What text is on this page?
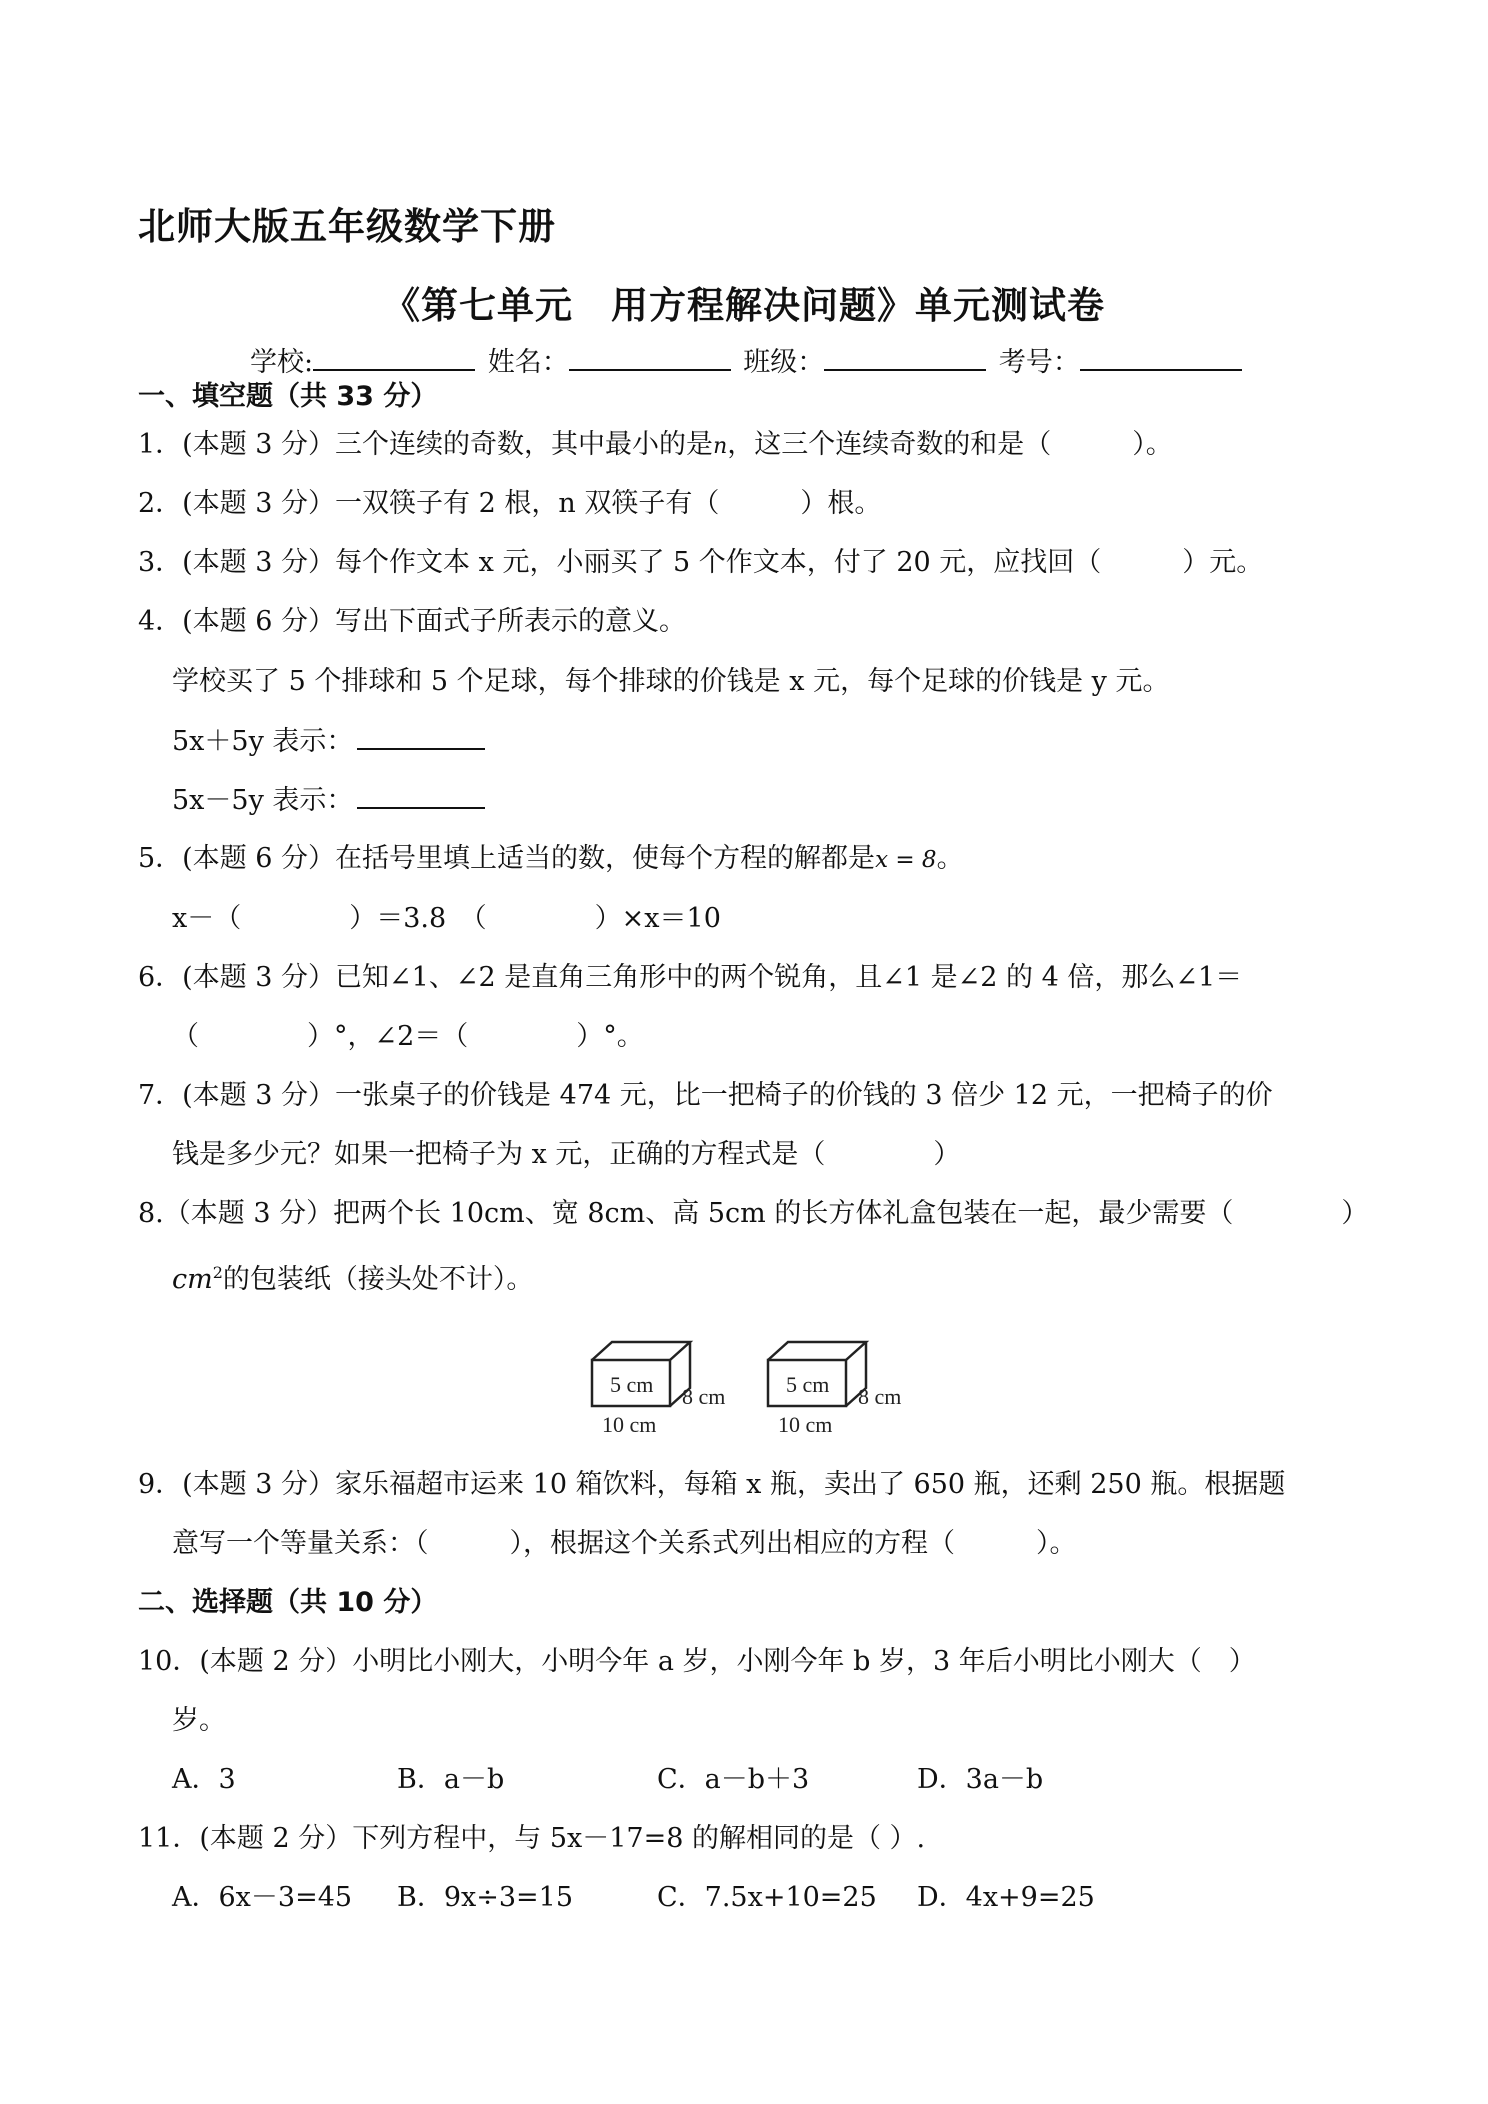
北师大版五年级数学下册
《第七单元　用方程解决问题》单元测试卷
学校:	姓名：	班级：	考号：
一、填空题（共 33 分）
1．(本题 3 分）三个连续的奇数，其中最小的是n，这三个连续奇数的和是（　　　）。
2．(本题 3 分）一双筷子有 2 根，n 双筷子有（　　　）根。
3．(本题 3 分）每个作文本 x 元，小丽买了 5 个作文本，付了 20 元，应找回（　　　）元。
4．(本题 6 分）写出下面式子所表示的意义。
学校买了 5 个排球和 5 个足球，每个排球的价钱是 x 元，每个足球的价钱是 y 元。
5x＋5y 表示：
5x－5y 表示：
5．(本题 6 分）在括号里填上适当的数，使每个方程的解都是x = 8。
x－（　　　　）＝3.8　（　　　　）×x＝10
6．(本题 3 分）已知∠1、∠2 是直角三角形中的两个锐角，且∠1 是∠2 的 4 倍，那么∠1＝
（　　　　）°，∠2＝（　　　　）°。
7．(本题 3 分）一张桌子的价钱是 474 元，比一把椅子的价钱的 3 倍少 12 元，一把椅子的价
钱是多少元？如果一把椅子为 x 元，正确的方程式是（　　　　）
8.（本题 3 分）把两个长 10cm、宽 8cm、高 5cm 的长方体礼盒包装在一起，最少需要（　　　　）
$cm^2$的包装纸（接头处不计）。
5 cm 8 cm
10 cm
5 cm 8 cm
10 cm
9．(本题 3 分）家乐福超市运来 10 箱饮料，每箱 x 瓶，卖出了 650 瓶，还剩 250 瓶。根据题
意写一个等量关系：（　　　），根据这个关系式列出相应的方程（　　　）。
二、选择题（共 10 分）
10．(本题 2 分）小明比小刚大，小明今年 a 岁，小刚今年 b 岁，3 年后小明比小刚大（　）
岁。
A．3	B．a－b	C．a－b＋3	D．3a－b
11．(本题 2 分）下列方程中，与 5x－17=8 的解相同的是（ ）.
A．6x－3=45 B．9x÷3=15	C．7.5x+10=25 D．4x+9=25
